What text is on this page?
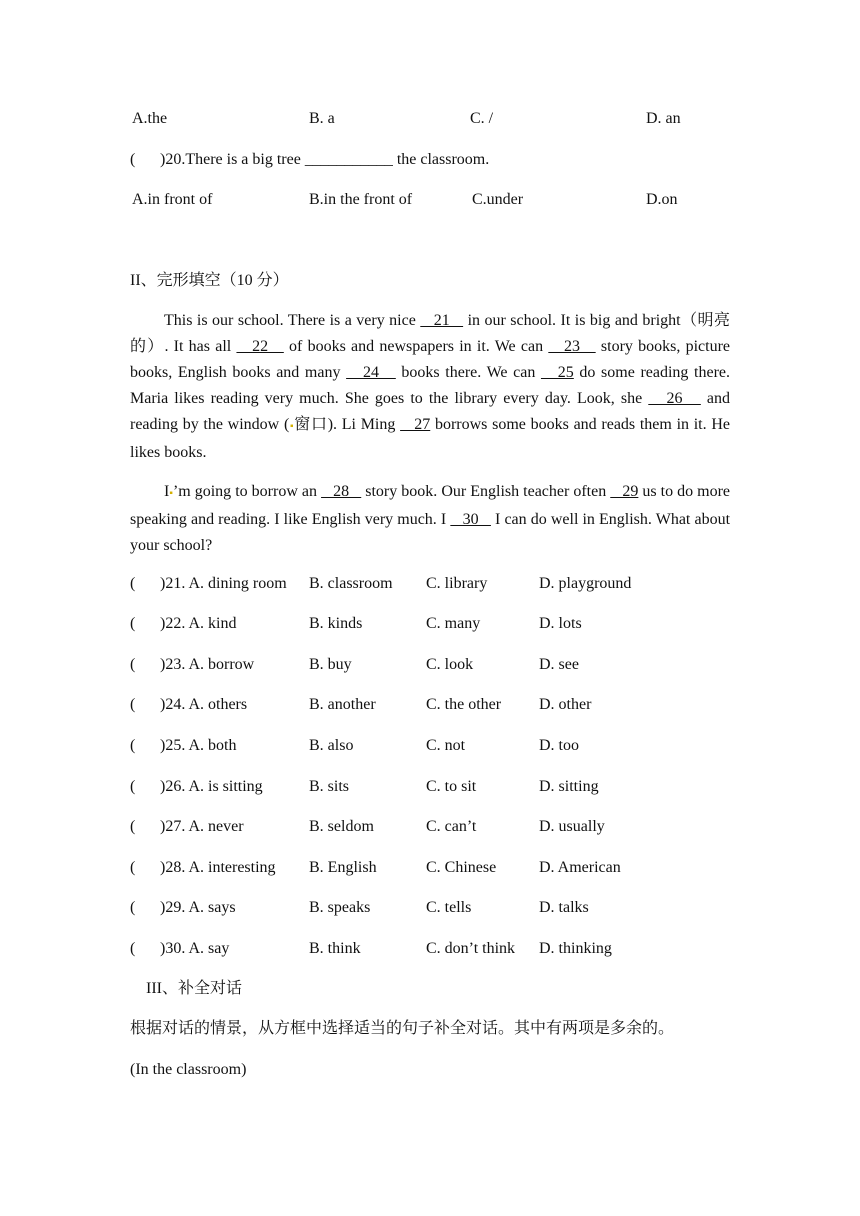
A.the	B. a	C. /	D. an
( )20.There is a big tree ___________ the classroom.
A.in front of	B.in the front of	C.under	D.on
II、完形填空（10 分）
This is our school. There is a very nice    21    in our school. It is big and bright（明亮的）. It has all    22    of books and newspapers in it. We can    23    story books, picture books, English books and many    24    books there. We can    25 do some reading there. Maria likes reading very much. She goes to the library every day. Look, she    26    and reading by the window (▪窗口). Li Ming    27 borrows some books and reads them in it. He likes books.
I▪’m going to borrow an    28    story book. Our English teacher often    29 us to do more speaking and reading. I like English very much. I    30    I can do well in English. What about your school?
( )21. A. dining room B. classroom C. library	D. playground
( )22. A. kind	B. kinds	C. many	D. lots
( )23. A. borrow	B. buy	C. look	D. see
( )24. A. others	B. another	C. the other D. other
( )25. A. both	B. also	C. not	D. too
( )26. A. is sitting	B. sits	C. to sit	D. sitting
( )27. A. never	B. seldom	C. can’t	D. usually
( )28. A. interesting B. English	C. Chinese	D. American
( )29. A. says	B. speaks	C. tells	D. talks
( )30. A. say	B. think	C. don’t think D. thinking
III、补全对话
根据对话的情景，从方框中选择适当的句子补全对话。其中有两项是多余的。
(In the classroom)
